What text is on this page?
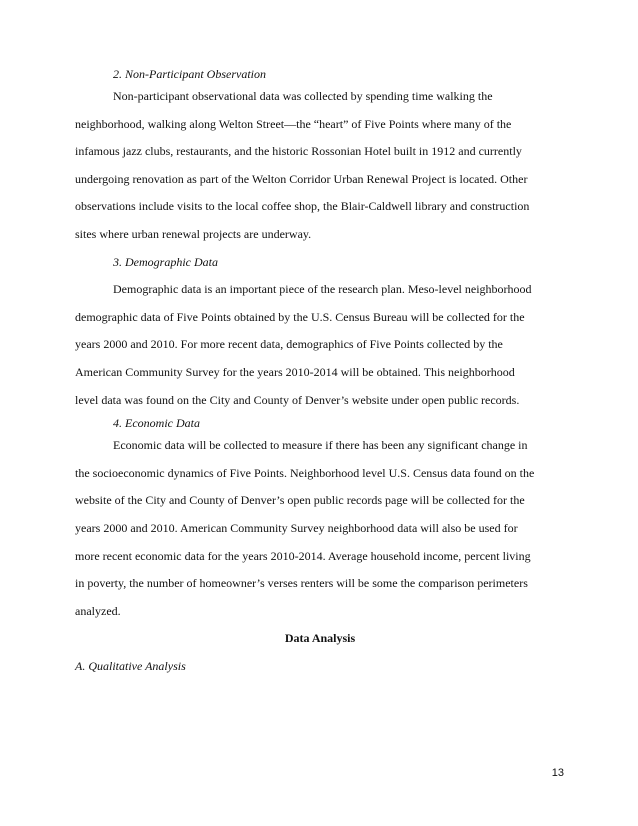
2. Non-Participant Observation
Non-participant observational data was collected by spending time walking the
neighborhood, walking along Welton Street—the “heart” of Five Points where many of the
infamous jazz clubs, restaurants, and the historic Rossonian Hotel built in 1912 and currently
undergoing renovation as part of the Welton Corridor Urban Renewal Project is located. Other
observations include visits to the local coffee shop, the Blair-Caldwell library and construction
sites where urban renewal projects are underway.
3. Demographic Data
Demographic data is an important piece of the research plan. Meso-level neighborhood
demographic data of Five Points obtained by the U.S. Census Bureau will be collected for the
years 2000 and 2010. For more recent data, demographics of Five Points collected by the
American Community Survey for the years 2010-2014 will be obtained. This neighborhood
level data was found on the City and County of Denver’s website under open public records.
4. Economic Data
Economic data will be collected to measure if there has been any significant change in
the socioeconomic dynamics of Five Points. Neighborhood level U.S. Census data found on the
website of the City and County of Denver’s open public records page will be collected for the
years 2000 and 2010. American Community Survey neighborhood data will also be used for
more recent economic data for the years 2010-2014. Average household income, percent living
in poverty, the number of homeowner’s verses renters will be some the comparison perimeters
analyzed.
Data Analysis
A. Qualitative Analysis
13
